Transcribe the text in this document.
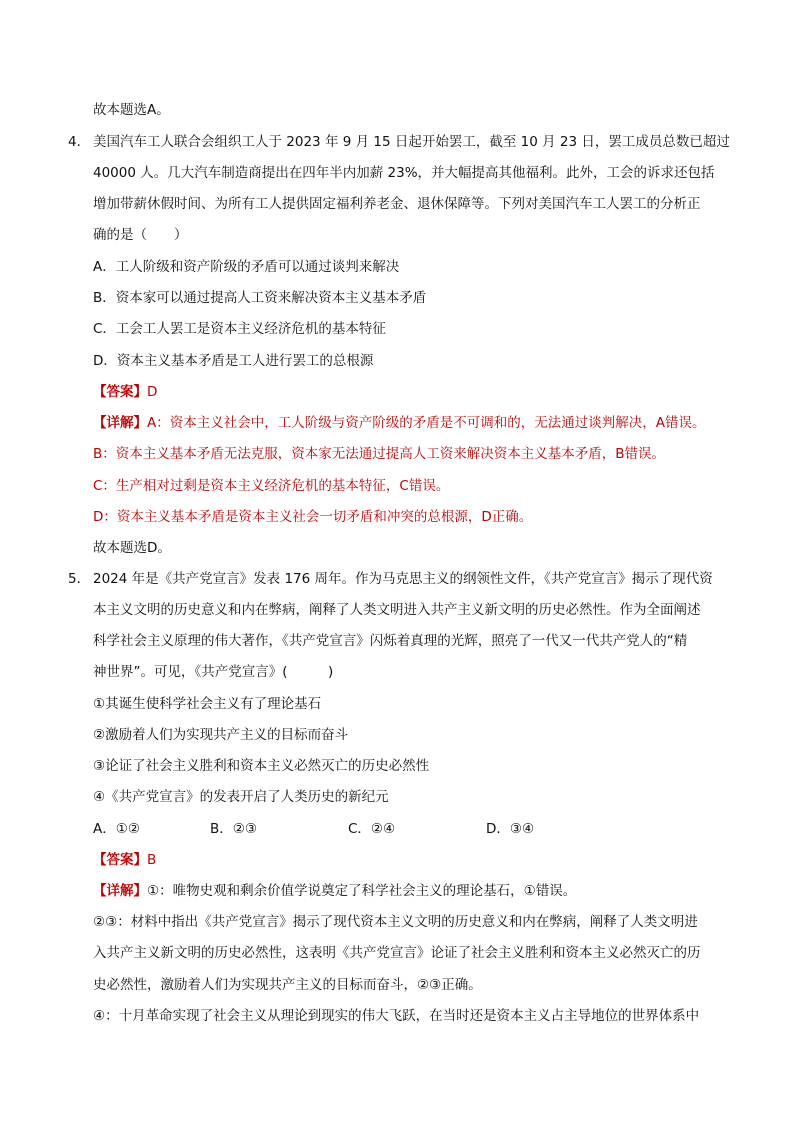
故本题选A。
4． 美国汽车工人联合会组织工人于 2023 年 9 月 15 日起开始罢工，截至 10 月 23 日，罢工成员总数已超过
40000 人。几大汽车制造商提出在四年半内加薪 23%，并大幅提高其他福利。此外，工会的诉求还包括
增加带薪休假时间、为所有工人提供固定福利养老金、退休保障等。下列对美国汽车工人罢工的分析正
确的是（　　）
A．工人阶级和资产阶级的矛盾可以通过谈判来解决
B．资本家可以通过提高人工资来解决资本主义基本矛盾
C．工会工人罢工是资本主义经济危机的基本特征
D．资本主义基本矛盾是工人进行罢工的总根源
【答案】D
【详解】A：资本主义社会中，工人阶级与资产阶级的矛盾是不可调和的，无法通过谈判解决，A错误。
B：资本主义基本矛盾无法克服，资本家无法通过提高人工资来解决资本主义基本矛盾，B错误。
C：生产相对过剩是资本主义经济危机的基本特征，C错误。
D：资本主义基本矛盾是资本主义社会一切矛盾和冲突的总根源，D正确。
故本题选D。
5． 2024 年是《共产党宣言》发表 176 周年。作为马克思主义的纲领性文件，《共产党宣言》揭示了现代资
本主义文明的历史意义和内在弊病，阐释了人类文明进入共产主义新文明的历史必然性。作为全面阐述
科学社会主义原理的伟大著作，《共产党宣言》闪烁着真理的光辉，照亮了一代又一代共产党人的“精
神世界”。可见，《共产党宣言》(　　　)
①其诞生使科学社会主义有了理论基石
②激励着人们为实现共产主义的目标而奋斗
③论证了社会主义胜利和资本主义必然灭亡的历史必然性
④《共产党宣言》的发表开启了人类历史的新纪元
A．①②	B．②③	C．②④	D．③④
【答案】B
【详解】①：唯物史观和剩余价值学说奠定了科学社会主义的理论基石，①错误。
②③：材料中指出《共产党宣言》揭示了现代资本主义文明的历史意义和内在弊病，阐释了人类文明进
入共产主义新文明的历史必然性，这表明《共产党宣言》论证了社会主义胜利和资本主义必然灭亡的历
史必然性，激励着人们为实现共产主义的目标而奋斗，②③正确。
④：十月革命实现了社会主义从理论到现实的伟大飞跃，在当时还是资本主义占主导地位的世界体系中
